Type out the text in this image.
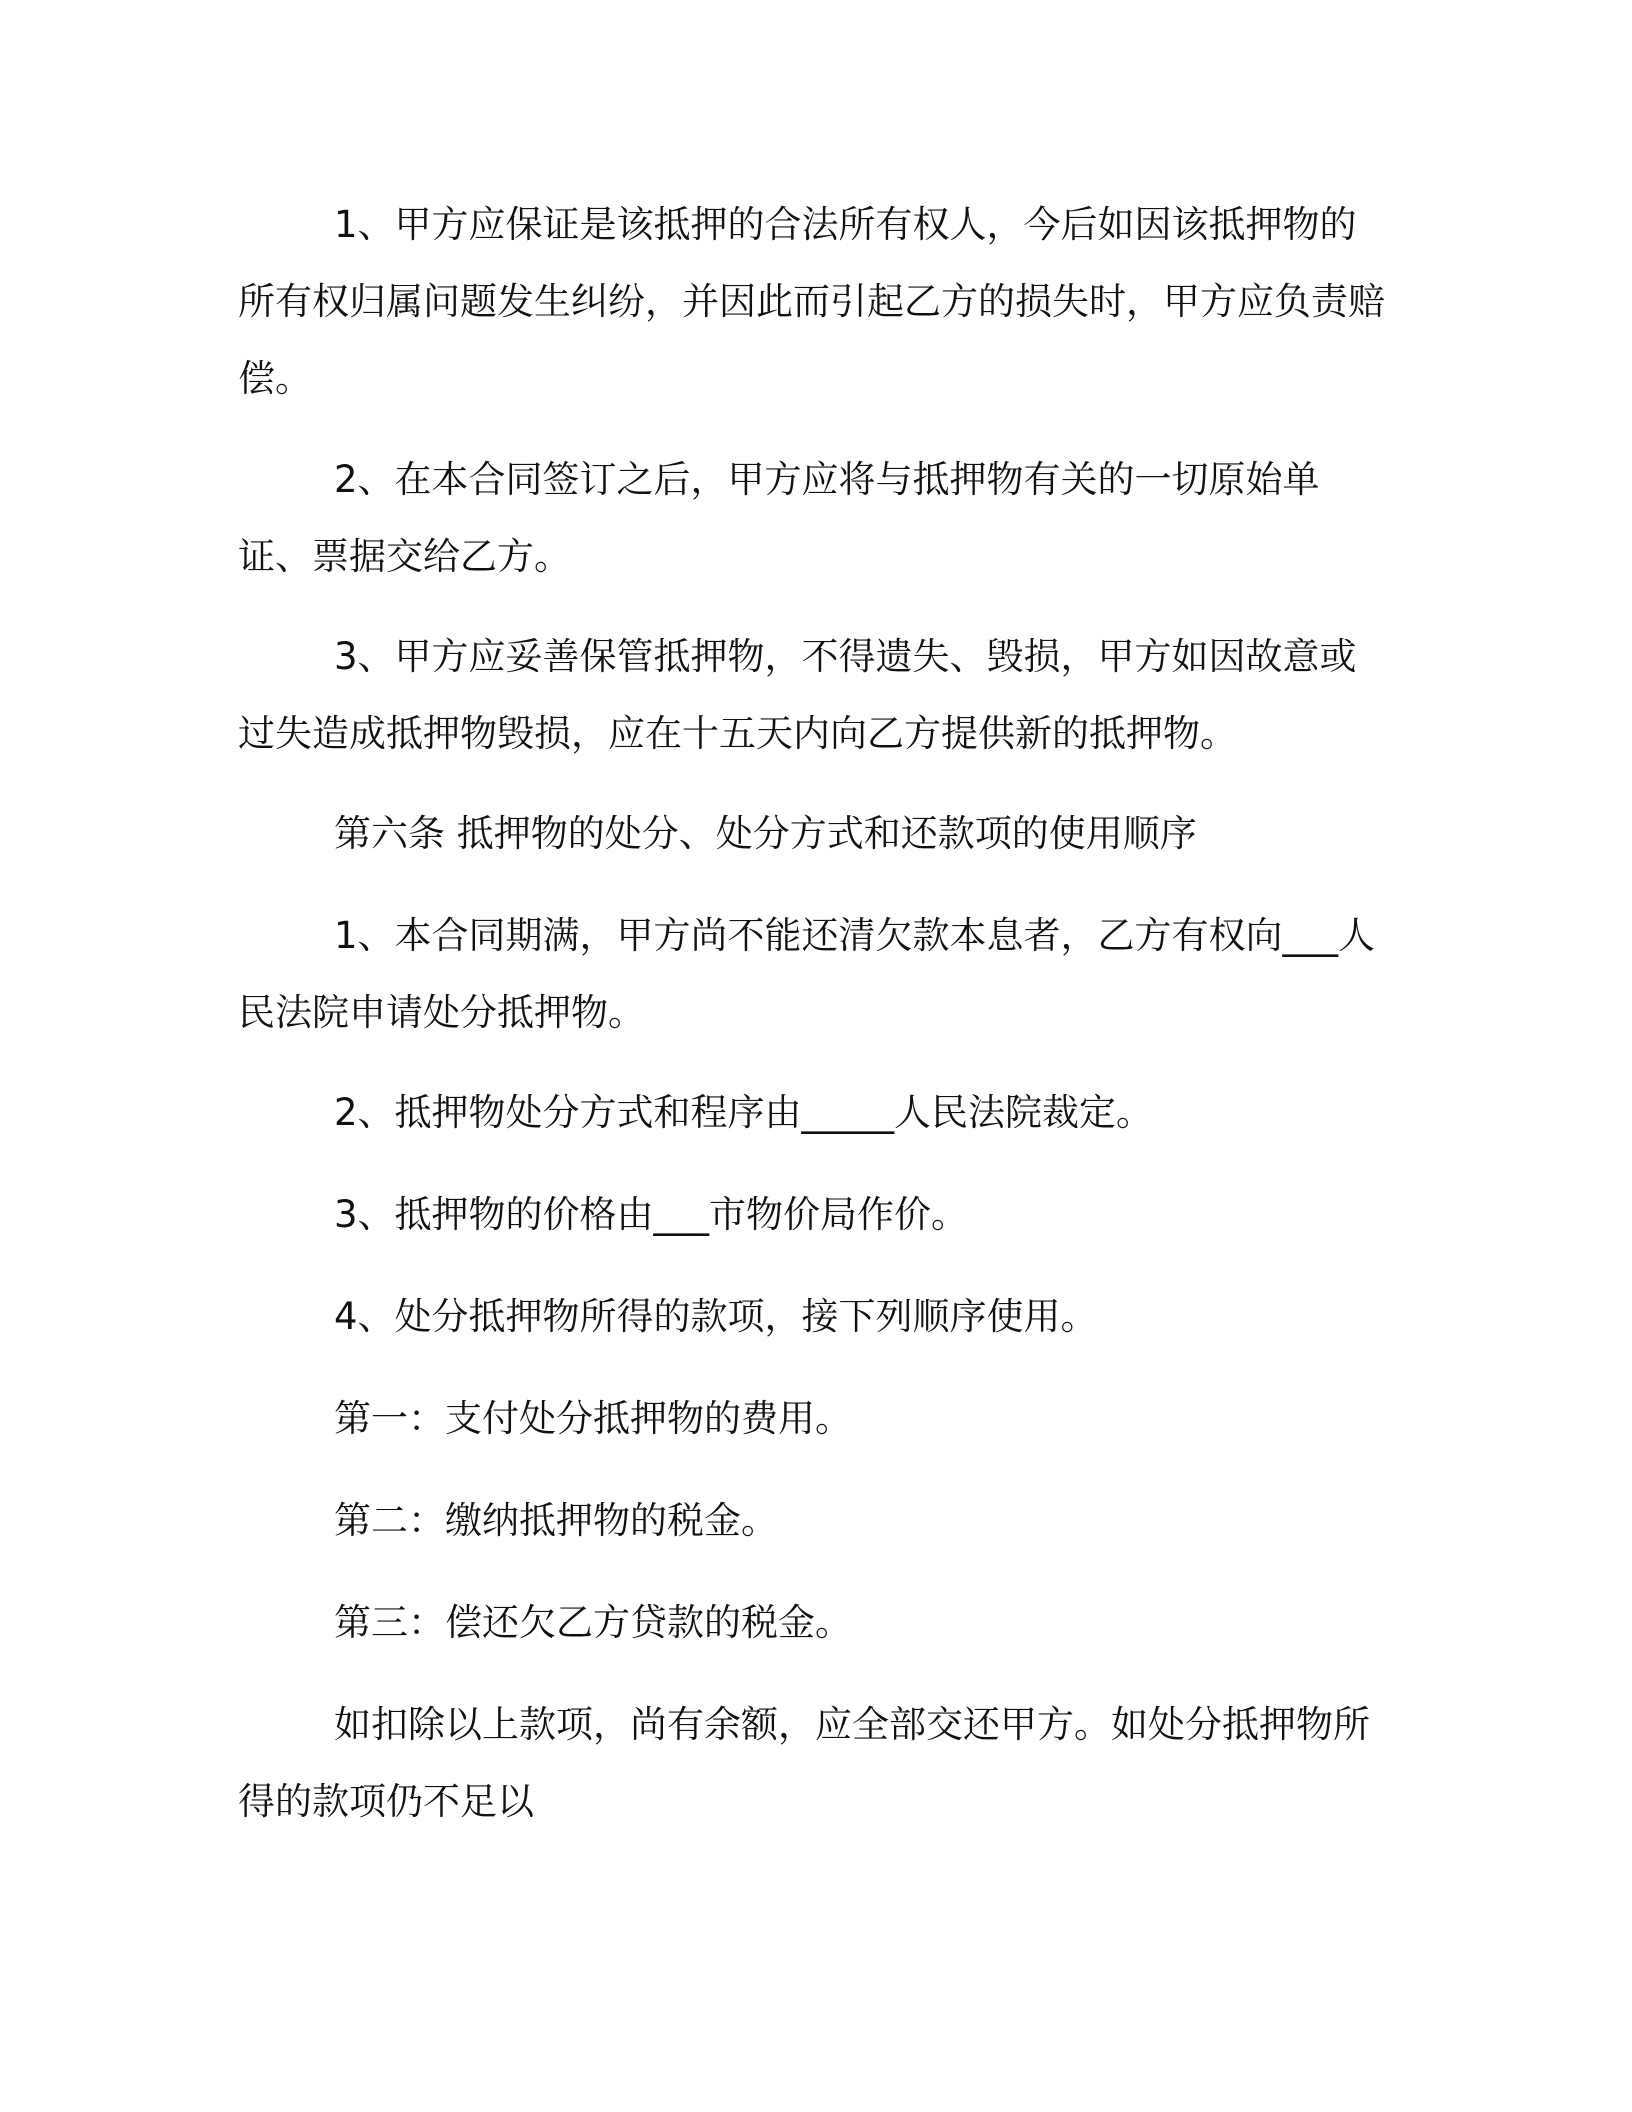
1、甲方应保证是该抵押的合法所有权人，今后如因该抵押物的所有权归属问题发生纠纷，并因此而引起乙方的损失时，甲方应负责赔偿。

2、在本合同签订之后，甲方应将与抵押物有关的一切原始单证、票据交给乙方。

3、甲方应妥善保管抵押物，不得遗失、毁损，甲方如因故意或过失造成抵押物毁损，应在十五天内向乙方提供新的抵押物。

第六条 抵押物的处分、处分方式和还款项的使用顺序

1、本合同期满，甲方尚不能还清欠款本息者，乙方有权向___人民法院申请处分抵押物。

2、抵押物处分方式和程序由_____人民法院裁定。

3、抵押物的价格由___市物价局作价。

4、处分抵押物所得的款项，接下列顺序使用。

第一：支付处分抵押物的费用。

第二：缴纳抵押物的税金。

第三：偿还欠乙方贷款的税金。

如扣除以上款项，尚有余额，应全部交还甲方。如处分抵押物所得的款项仍不足以
